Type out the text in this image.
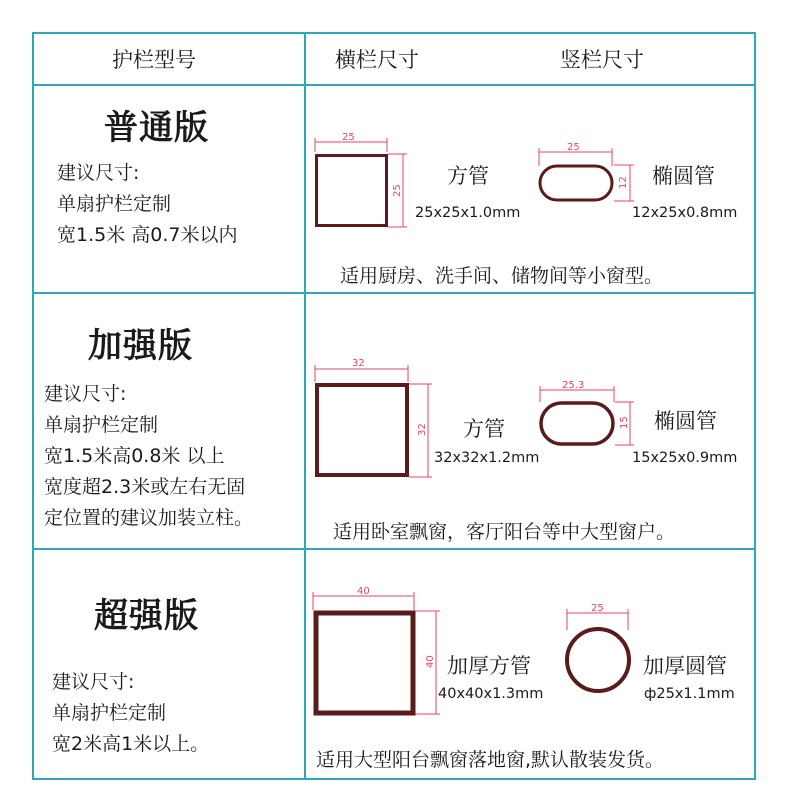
护栏型号	横栏尺寸	竖栏尺寸
普通版
建议尺寸:
单扇护栏定制
宽1.5米 高0.7米以内
25
25
25
12
方管
25x25x1.0mm
椭圆管
12x25x0.8mm
适用厨房、洗手间、储物间等小窗型。
加强版
建议尺寸:
单扇护栏定制
宽1.5米高0.8米 以上
宽度超2.3米或左右无固
定位置的建议加装立柱。
32
32
25.3
15
方管
32x32x1.2mm
椭圆管
15x25x0.9mm
适用卧室飘窗，客厅阳台等中大型窗户。
超强版
建议尺寸:
单扇护栏定制
宽2米高1米以上。
40
40
25
加厚方管
40x40x1.3mm
加厚圆管
ф25x1.1mm
适用大型阳台飘窗落地窗,默认散装发货。
